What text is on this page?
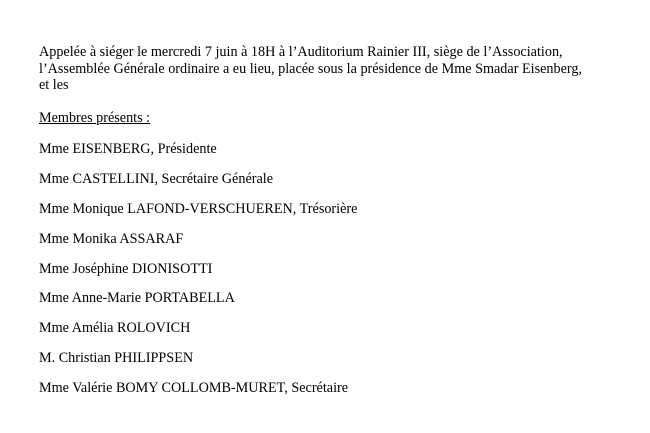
Appelée à siéger le mercredi 7 juin à 18H à l’Auditorium Rainier III, siège de l’Association,
l’Assemblée Générale ordinaire a eu lieu, placée sous la présidence de Mme Smadar Eisenberg,
et les

Membres présents :

Mme EISENBERG, Présidente
Mme CASTELLINI, Secrétaire Générale
Mme Monique LAFOND-VERSCHUEREN, Trésorière
Mme Monika ASSARAF
Mme Joséphine DIONISOTTI
Mme Anne-Marie PORTABELLA
Mme Amélia ROLOVICH
M. Christian PHILIPPSEN
Mme Valérie BOMY COLLOMB-MURET, Secrétaire
